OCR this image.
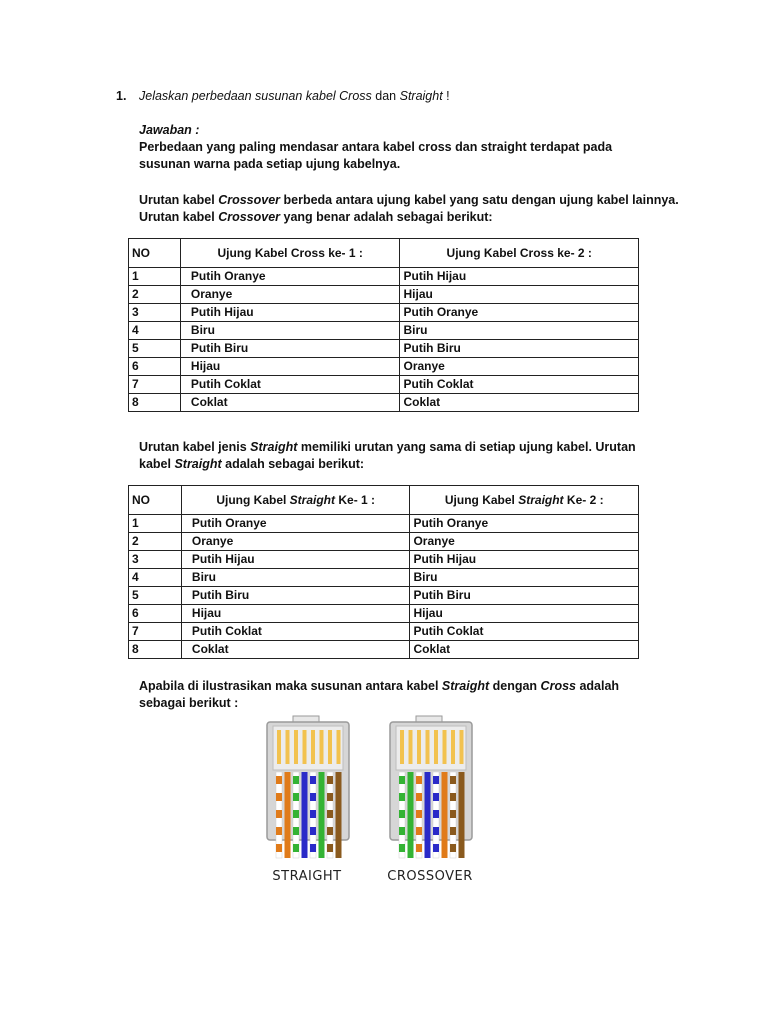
1. Jelaskan perbedaan susunan kabel Cross dan Straight !
Jawaban :
Perbedaan yang paling mendasar antara kabel cross dan straight terdapat pada susunan warna pada setiap ujung kabelnya.
Urutan kabel Crossover berbeda antara ujung kabel yang satu dengan ujung kabel lainnya.
Urutan kabel Crossover yang benar adalah sebagai berikut:
NO	Ujung Kabel Cross ke- 1 :	Ujung Kabel Cross ke- 2 :
1	Putih Oranye	Putih Hijau
2	Oranye	Hijau
3	Putih Hijau	Putih Oranye
4	Biru	Biru
5	Putih Biru	Putih Biru
6	Hijau	Oranye
7	Putih Coklat	Putih Coklat
8	Coklat	Coklat
Urutan kabel jenis Straight memiliki urutan yang sama di setiap ujung kabel. Urutan kabel Straight adalah sebagai berikut:
NO	Ujung Kabel Straight Ke- 1 :	Ujung Kabel Straight Ke- 2 :
1	Putih Oranye	Putih Oranye
2	Oranye	Oranye
3	Putih Hijau	Putih Hijau
4	Biru	Biru
5	Putih Biru	Putih Biru
6	Hijau	Hijau
7	Putih Coklat	Putih Coklat
8	Coklat	Coklat
Apabila di ilustrasikan maka susunan antara kabel Straight dengan Cross adalah sebagai berikut :
STRAIGHT	CROSSOVER
